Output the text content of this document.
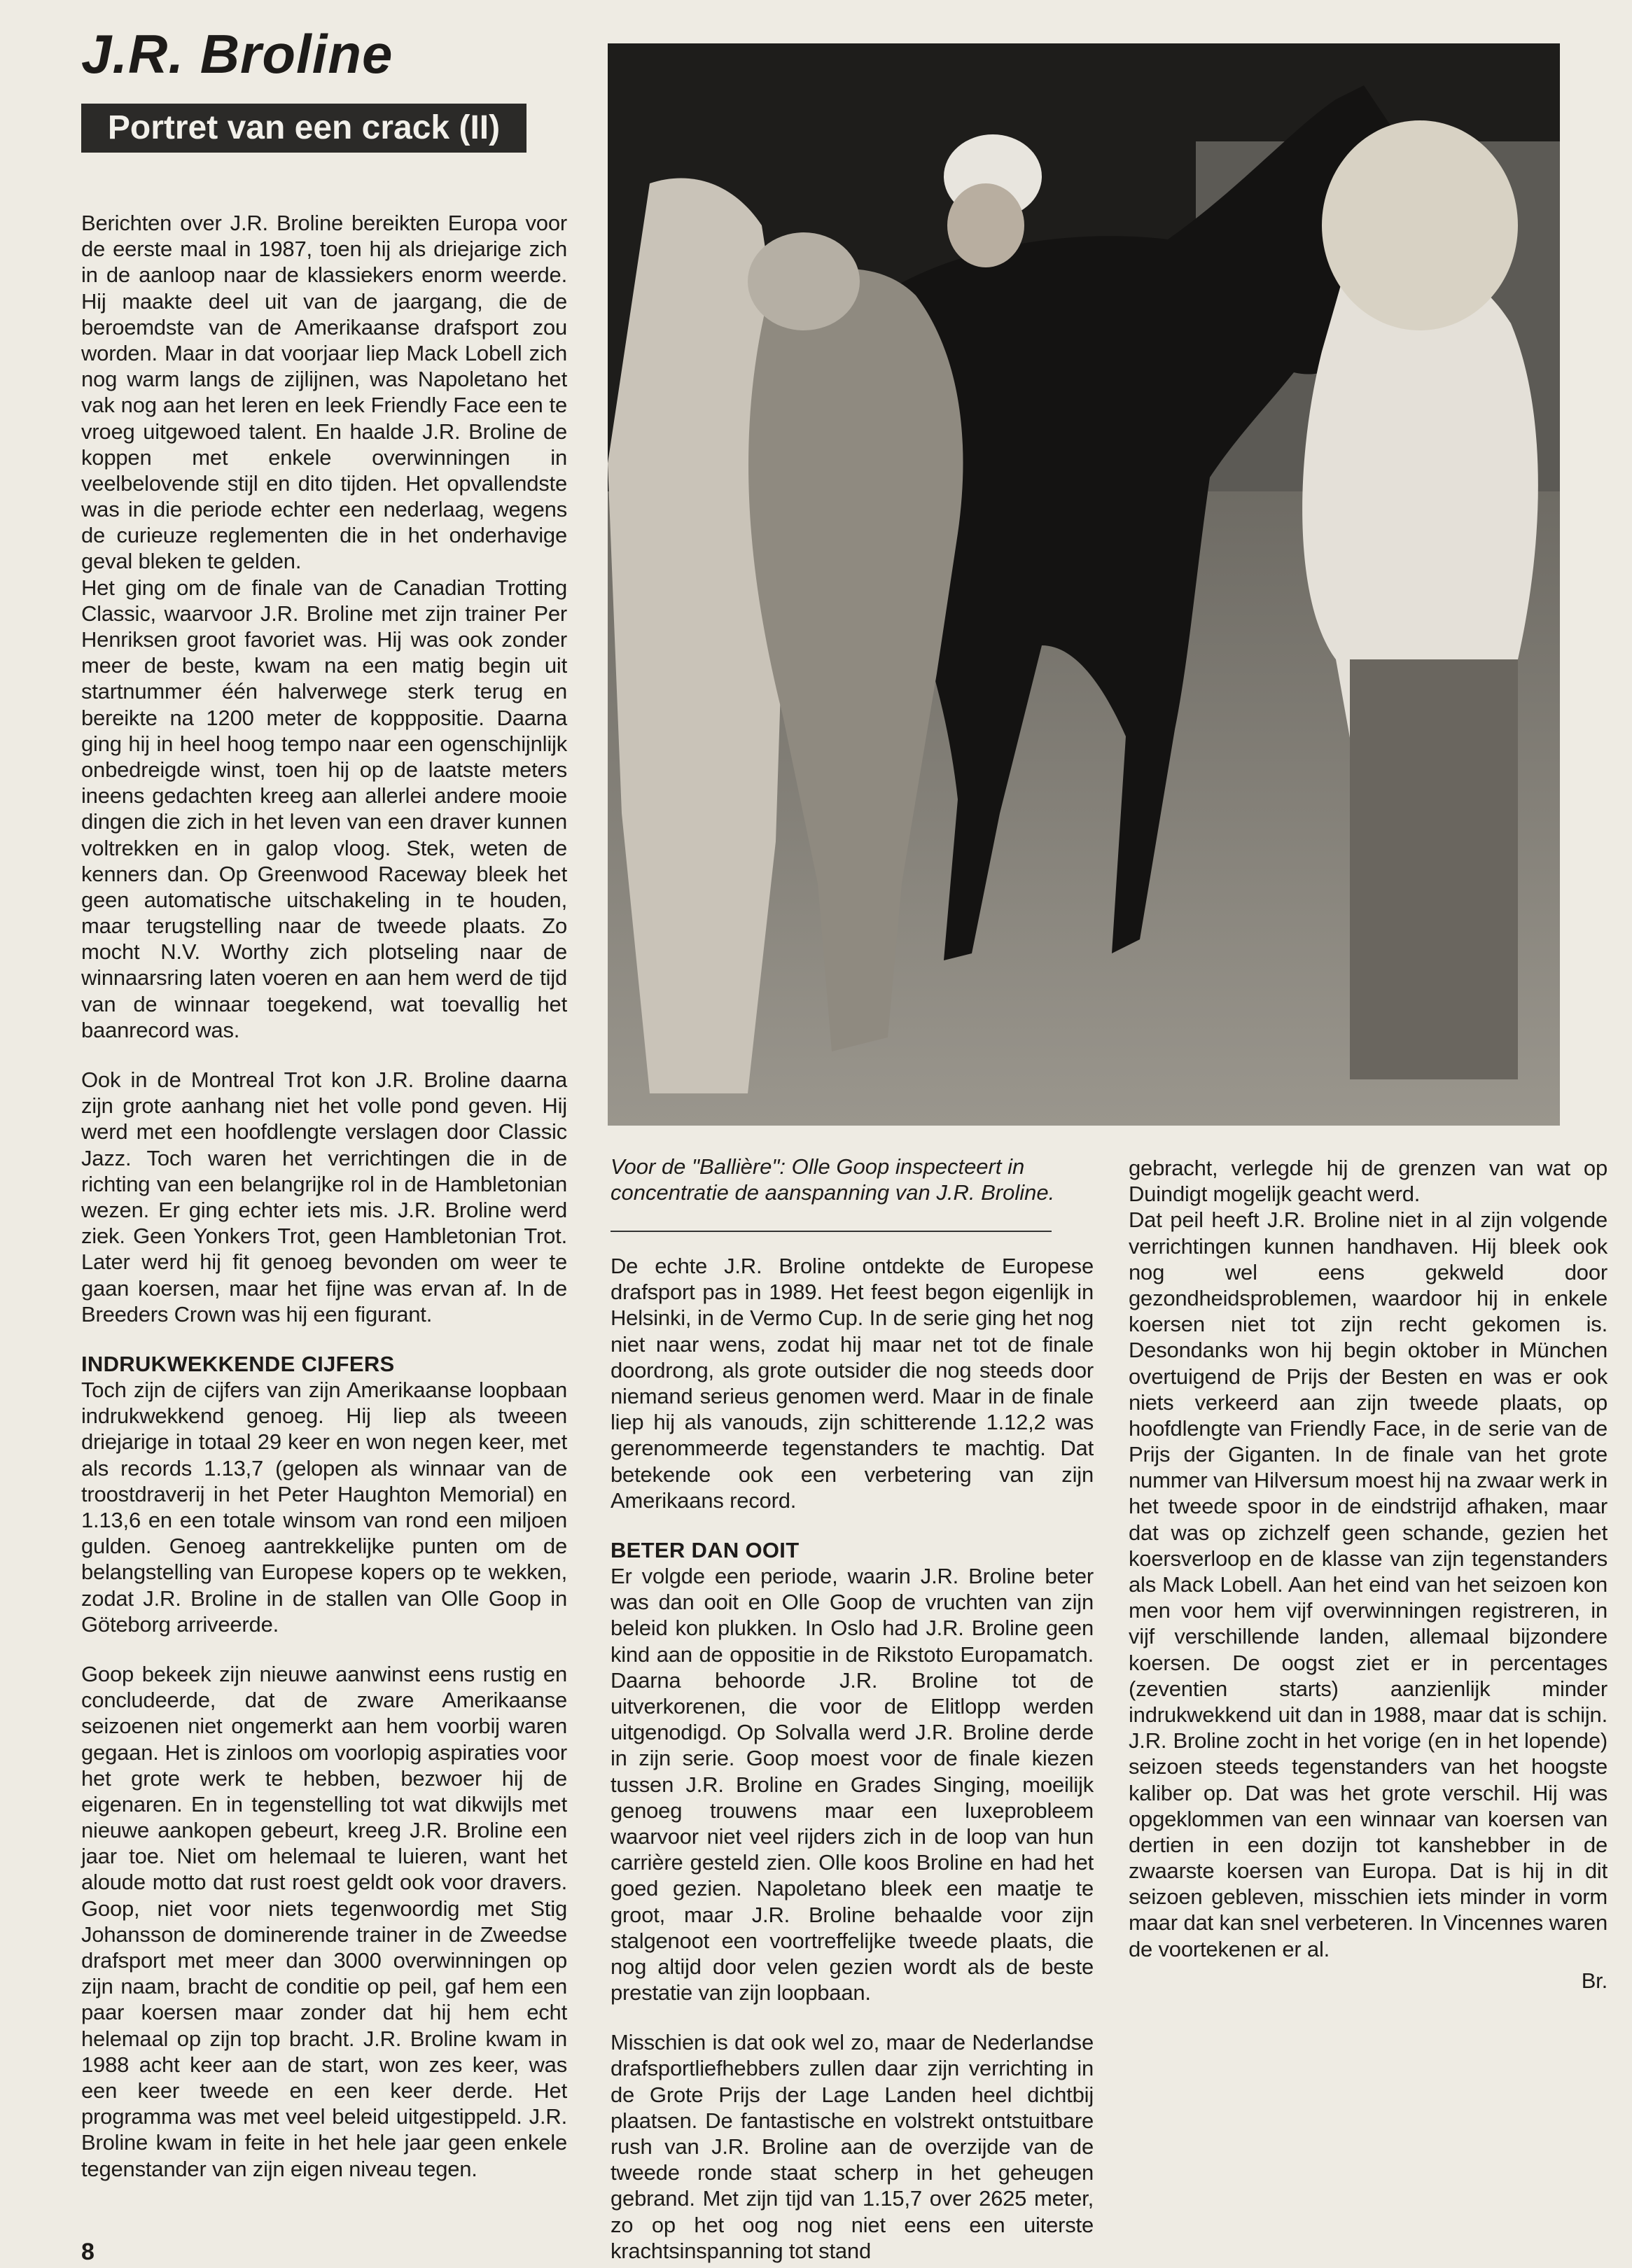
J.R. Broline
Portret van een crack (II)

Berichten over J.R. Broline bereikten Europa voor de eerste maal in 1987, toen hij als driejarige zich in de aanloop naar de klassiekers enorm weerde. Hij maakte deel uit van de jaargang, die de beroemdste van de Amerikaanse drafsport zou worden. Maar in dat voorjaar liep Mack Lobell zich nog warm langs de zijlijnen, was Napoletano het vak nog aan het leren en leek Friendly Face een te vroeg uitgewoed talent. En haalde J.R. Broline de koppen met enkele overwinningen in veelbelovende stijl en dito tijden. Het opvallendste was in die periode echter een nederlaag, wegens de curieuze reglementen die in het onderhavige geval bleken te gelden.

Het ging om de finale van de Canadian Trotting Classic, waarvoor J.R. Broline met zijn trainer Per Henriksen groot favoriet was. Hij was ook zonder meer de beste, kwam na een matig begin uit startnummer één halverwege sterk terug en bereikte na 1200 meter de kopppositie. Daarna ging hij in heel hoog tempo naar een ogenschijnlijk onbedreigde winst, toen hij op de laatste meters ineens gedachten kreeg aan allerlei andere mooie dingen die zich in het leven van een draver kunnen voltrekken en in galop vloog. Stek, weten de kenners dan. Op Greenwood Raceway bleek het geen automatische uitschakeling in te houden, maar terugstelling naar de tweede plaats. Zo mocht N.V. Worthy zich plotseling naar de winnaarsring laten voeren en aan hem werd de tijd van de winnaar toegekend, wat toevallig het baanrecord was.

Ook in de Montreal Trot kon J.R. Broline daarna zijn grote aanhang niet het volle pond geven. Hij werd met een hoofdlengte verslagen door Classic Jazz. Toch waren het verrichtingen die in de richting van een belangrijke rol in de Hambletonian wezen. Er ging echter iets mis. J.R. Broline werd ziek. Geen Yonkers Trot, geen Hambletonian Trot. Later werd hij fit genoeg bevonden om weer te gaan koersen, maar het fijne was ervan af. In de Breeders Crown was hij een figurant.

INDRUKWEKKENDE CIJFERS

Toch zijn de cijfers van zijn Amerikaanse loopbaan indrukwekkend genoeg. Hij liep als tweeen driejarige in totaal 29 keer en won negen keer, met als records 1.13,7 (gelopen als winnaar van de troostdraverij in het Peter Haughton Memorial) en 1.13,6 en een totale winsom van rond een miljoen gulden. Genoeg aantrekkelijke punten om de belangstelling van Europese kopers op te wekken, zodat J.R. Broline in de stallen van Olle Goop in Göteborg arriveerde.

Goop bekeek zijn nieuwe aanwinst eens rustig en concludeerde, dat de zware Amerikaanse seizoenen niet ongemerkt aan hem voorbij waren gegaan. Het is zinloos om voorlopig aspiraties voor het grote werk te hebben, bezwoer hij de eigenaren. En in tegenstelling tot wat dikwijls met nieuwe aankopen gebeurt, kreeg J.R. Broline een jaar toe. Niet om helemaal te luieren, want het aloude motto dat rust roest geldt ook voor dravers. Goop, niet voor niets tegenwoordig met Stig Johansson de dominerende trainer in de Zweedse drafsport met meer dan 3000 overwinningen op zijn naam, bracht de conditie op peil, gaf hem een paar koersen maar zonder dat hij hem echt helemaal op zijn top bracht. J.R. Broline kwam in 1988 acht keer aan de start, won zes keer, was een keer tweede en een keer derde. Het programma was met veel beleid uitgestippeld. J.R. Broline kwam in feite in het hele jaar geen enkele tegenstander van zijn eigen niveau tegen.

Voor de "Ballière": Olle Goop inspecteert in concentratie de aanspanning van J.R. Broline.

De echte J.R. Broline ontdekte de Europese drafsport pas in 1989. Het feest begon eigenlijk in Helsinki, in de Vermo Cup. In de serie ging het nog niet naar wens, zodat hij maar net tot de finale doordrong, als grote outsider die nog steeds door niemand serieus genomen werd. Maar in de finale liep hij als vanouds, zijn schitterende 1.12,2 was gerenommeerde tegenstanders te machtig. Dat betekende ook een verbetering van zijn Amerikaans record.

BETER DAN OOIT

Er volgde een periode, waarin J.R. Broline beter was dan ooit en Olle Goop de vruchten van zijn beleid kon plukken. In Oslo had J.R. Broline geen kind aan de oppositie in de Rikstoto Europamatch. Daarna behoorde J.R. Broline tot de uitverkorenen, die voor de Elitlopp werden uitgenodigd. Op Solvalla werd J.R. Broline derde in zijn serie. Goop moest voor de finale kiezen tussen J.R. Broline en Grades Singing, moeilijk genoeg trouwens maar een luxeprobleem waarvoor niet veel rijders zich in de loop van hun carrière gesteld zien. Olle koos Broline en had het goed gezien. Napoletano bleek een maatje te groot, maar J.R. Broline behaalde voor zijn stalgenoot een voortreffelijke tweede plaats, die nog altijd door velen gezien wordt als de beste prestatie van zijn loopbaan.

Misschien is dat ook wel zo, maar de Nederlandse drafsportliefhebbers zullen daar zijn verrichting in de Grote Prijs der Lage Landen heel dichtbij plaatsen. De fantastische en volstrekt ontstuitbare rush van J.R. Broline aan de overzijde van de tweede ronde staat scherp in het geheugen gebrand. Met zijn tijd van 1.15,7 over 2625 meter, zo op het oog nog niet eens een uiterste krachtsinspanning tot stand

gebracht, verlegde hij de grenzen van wat op Duindigt mogelijk geacht werd.

Dat peil heeft J.R. Broline niet in al zijn volgende verrichtingen kunnen handhaven. Hij bleek ook nog wel eens gekweld door gezondheidsproblemen, waardoor hij in enkele koersen niet tot zijn recht gekomen is. Desondanks won hij begin oktober in München overtuigend de Prijs der Besten en was er ook niets verkeerd aan zijn tweede plaats, op hoofdlengte van Friendly Face, in de serie van de Prijs der Giganten. In de finale van het grote nummer van Hilversum moest hij na zwaar werk in het tweede spoor in de eindstrijd afhaken, maar dat was op zichzelf geen schande, gezien het koersverloop en de klasse van zijn tegenstanders als Mack Lobell. Aan het eind van het seizoen kon men voor hem vijf overwinningen registreren, in vijf verschillende landen, allemaal bijzondere koersen. De oogst ziet er in percentages (zeventien starts) aanzienlijk minder indrukwekkend uit dan in 1988, maar dat is schijn. J.R. Broline zocht in het vorige (en in het lopende) seizoen steeds tegenstanders van het hoogste kaliber op. Dat was het grote verschil. Hij was opgeklommen van een winnaar van koersen van dertien in een dozijn tot kanshebber in de zwaarste koersen van Europa. Dat is hij in dit seizoen gebleven, misschien iets minder in vorm maar dat kan snel verbeteren. In Vincennes waren de voortekenen er al.

Br.

8
